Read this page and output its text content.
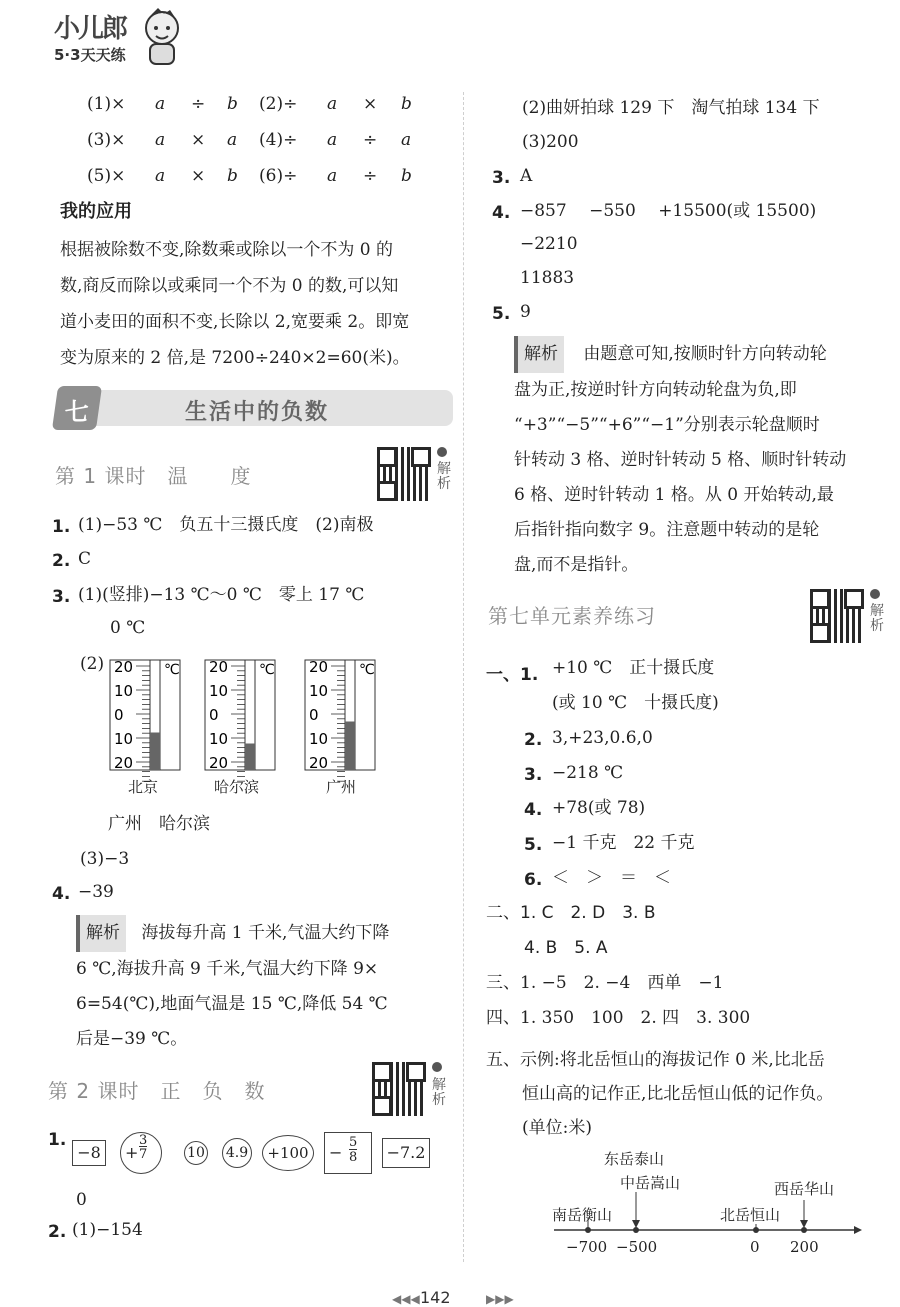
小儿郎
5·3天天练
(1)× a ÷ b (2)÷ a × b
(3)× a × a (4)÷ a ÷ a
(5)× a × b (6)÷ a ÷ b
我的应用
根据被除数不变,除数乘或除以一个不为 0 的
数,商反而除以或乘同一个不为 0 的数,可以知
道小麦田的面积不变,长除以 2,宽要乘 2。即宽
变为原来的 2 倍,是 7200÷240×2=60(米)。
七	生活中的负数
第 1 课时　温　　度	解析
1. (1)−53 ℃　负五十三摄氏度　(2)南极
2. C
3. (1)(竖排)−13 ℃～0 ℃　零上 17 ℃
0 ℃
(2) 20
10
0
10
20
℃ 20
10
0
10
20
℃ 20
10
0
10
20
℃
北京	哈尔滨	广州
广州　哈尔滨
(3)−3
4. −39
解析 海拔每升高 1 千米,气温大约下降
6 ℃,海拔升高 9 千米,气温大约下降 9×
6=54(℃),地面气温是 15 ℃,降低 54 ℃
后是−39 ℃。
第 2 课时　正　负　数	解析
1.
−8	+
3
7	10 4.9	+100	−
5
8 −7.2
0
2. (1)−154
(2)曲妍拍球 129 下　淘气拍球 134 下
(3)200
3. A
4. −857　 −550　 +15500(或 15500)
−2210
11883
5. 9
解析 由题意可知,按顺时针方向转动轮
盘为正,按逆时针方向转动轮盘为负,即
“+3”“−5”“+6”“−1”分别表示轮盘顺时
针转动 3 格、逆时针转动 5 格、顺时针转动
6 格、逆时针转动 1 格。从 0 开始转动,最
后指针指向数字 9。注意题中转动的是轮
盘,而不是指针。
第七单元素养练习	解析
一、1. +10 ℃　正十摄氏度
(或 10 ℃　十摄氏度)
2. 3,+23,0.6,0
3. −218 ℃
4. +78(或 78)
5. −1 千克　22 千克
6. ＜　＞　＝　＜
二、1. C　2. D　3. B
4. B　5. A
三、1. −5　2. −4　西单　−1
四、1. 350　100　2. 四　3. 300
五、示例:将北岳恒山的海拔记作 0 米,比北岳
恒山高的记作正,比北岳恒山低的记作负。
(单位:米)
东岳泰山
中岳嵩山	西岳华山
南岳衡山	北岳恒山
−700 −500	0 200
◀◀◀ 142	▶▶▶
